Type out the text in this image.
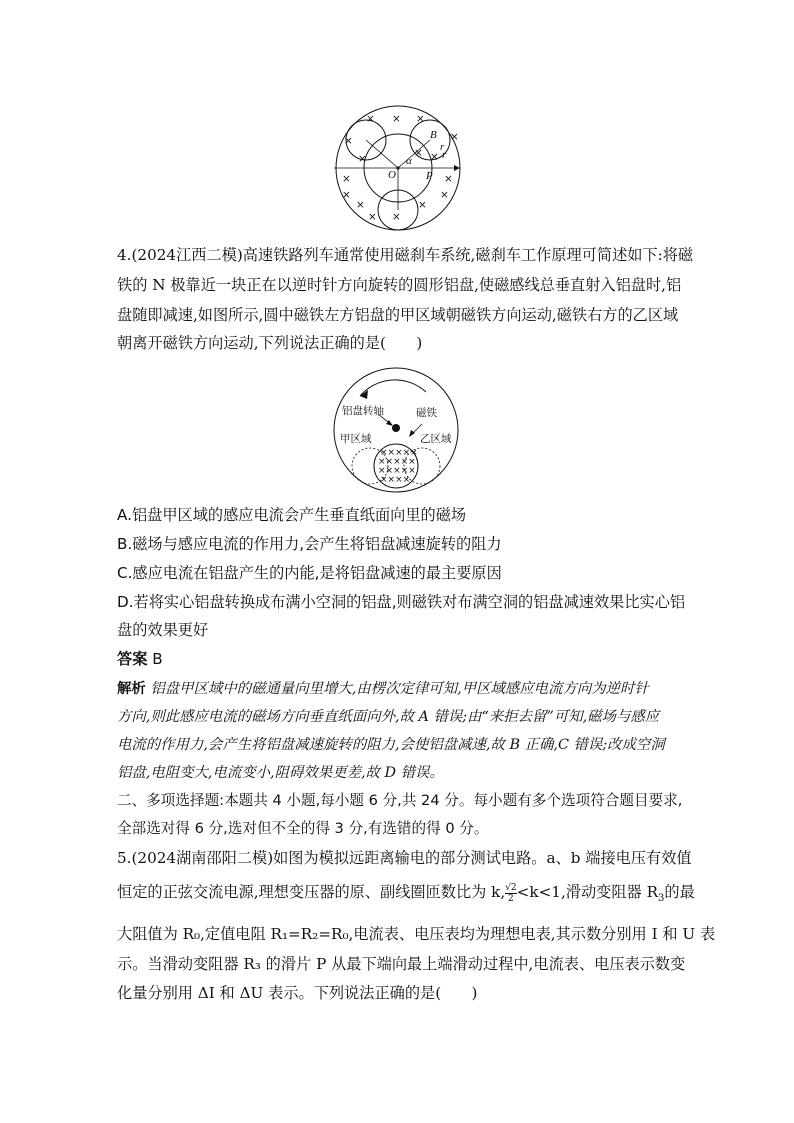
B
r
r
α
O	P
× × ×
×
×
×
×
×
× ×
×
×
×
×
× ×
4.(2024江西二模)高速铁路列车通常使用磁刹车系统,磁刹车工作原理可简述如下:将磁
铁的 N 极靠近一块正在以逆时针方向旋转的圆形铝盘,使磁感线总垂直射入铝盘时,铝
盘随即减速,如图所示,圆中磁铁左方铝盘的甲区域朝磁铁方向运动,磁铁右方的乙区域
朝离开磁铁方向运动,下列说法正确的是(　　)
×××××
×××××
×××××
××××
铝盘转轴	磁铁
甲区域	乙区域
A.铝盘甲区域的感应电流会产生垂直纸面向里的磁场
B.磁场与感应电流的作用力,会产生将铝盘减速旋转的阻力
C.感应电流在铝盘产生的内能,是将铝盘减速的最主要原因
D.若将实心铝盘转换成布满小空洞的铝盘,则磁铁对布满空洞的铝盘减速效果比实心铝
盘的效果更好
答案 B
解析 铝盘甲区域中的磁通量向里增大,由楞次定律可知,甲区域感应电流方向为逆时针
方向,则此感应电流的磁场方向垂直纸面向外,故 A 错误;由“来拒去留”可知,磁场与感应
电流的作用力,会产生将铝盘减速旋转的阻力,会使铝盘减速,故 B 正确,C 错误;改成空洞
铝盘,电阻变大,电流变小,阻碍效果更差,故 D 错误。
二、多项选择题:本题共 4 小题,每小题 6 分,共 24 分。每小题有多个选项符合题目要求,
全部选对得 6 分,选对但不全的得 3 分,有选错的得 0 分。
5.(2024湖南邵阳二模)如图为模拟远距离输电的部分测试电路。a、b 端接电压有效值
恒定的正弦交流电源,理想变压器的原、副线圈匝数比为 k, $\frac{√2}{2} <k<1$,滑动变阻器 $R_3$的最
大阻值为 R₀,定值电阻 R₁=R₂=R₀,电流表、电压表均为理想电表,其示数分别用 I 和 U 表
示。当滑动变阻器 R₃ 的滑片 P 从最下端向最上端滑动过程中,电流表、电压表示数变
化量分别用 ΔI 和 ΔU 表示。下列说法正确的是(　　)
